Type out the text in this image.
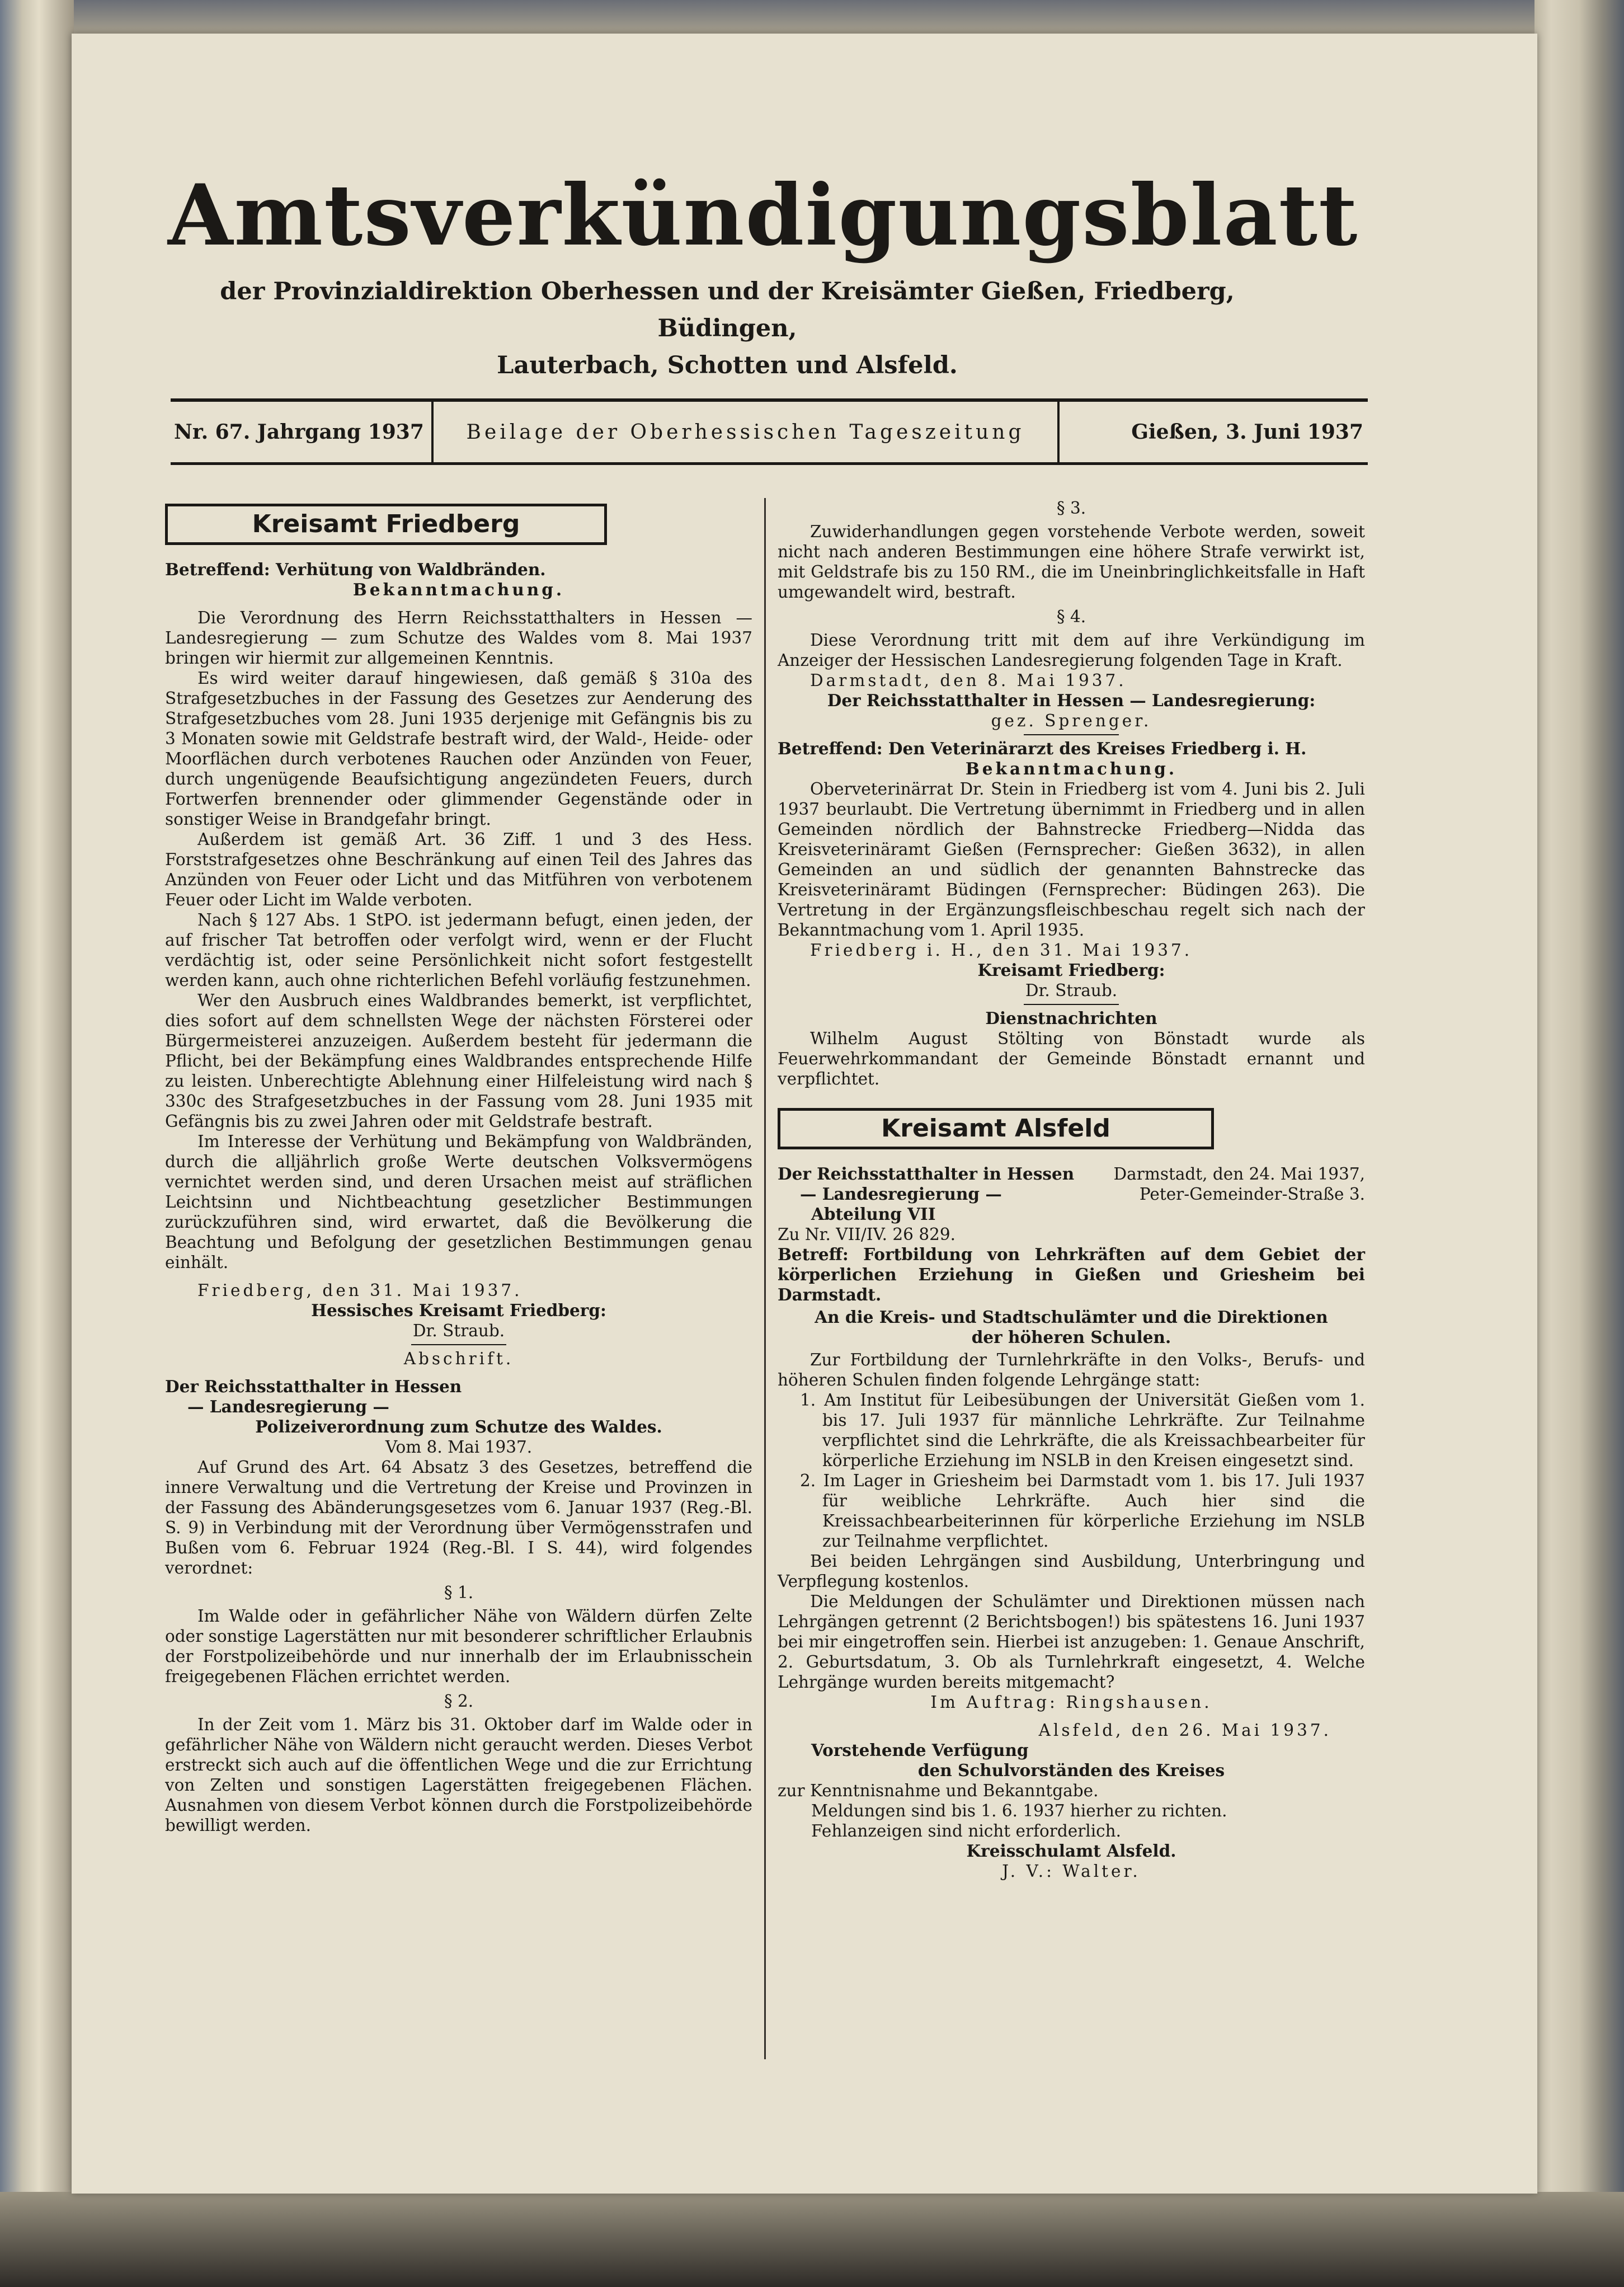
Amtsverkündigungsblatt
der Provinzialdirektion Oberhessen und der Kreisämter Gießen, Friedberg, Büdingen,
Lauterbach, Schotten und Alsfeld.
Nr. 67. Jahrgang 1937	Beilage der Oberhessischen Tageszeitung	Gießen, 3. Juni 1937
Kreisamt Friedberg

Betreffend: Verhütung von Waldbränden.

Bekanntmachung.

Die Verordnung des Herrn Reichsstatthalters in Hessen — Landesregierung — zum Schutze des Waldes vom 8. Mai 1937 bringen wir hiermit zur allgemeinen Kenntnis.

Es wird weiter darauf hingewiesen, daß gemäß § 310a des Strafgesetzbuches in der Fassung des Gesetzes zur Aenderung des Strafgesetzbuches vom 28. Juni 1935 derjenige mit Gefängnis bis zu 3 Monaten sowie mit Geldstrafe bestraft wird, der Wald-, Heide- oder Moorflächen durch verbotenes Rauchen oder Anzünden von Feuer, durch ungenügende Beaufsichtigung angezündeten Feuers, durch Fortwerfen brennender oder glimmender Gegenstände oder in sonstiger Weise in Brandgefahr bringt.

Außerdem ist gemäß Art. 36 Ziff. 1 und 3 des Hess. Forststrafgesetzes ohne Beschränkung auf einen Teil des Jahres das Anzünden von Feuer oder Licht und das Mitführen von verbotenem Feuer oder Licht im Walde verboten.

Nach § 127 Abs. 1 StPO. ist jedermann befugt, einen jeden, der auf frischer Tat betroffen oder verfolgt wird, wenn er der Flucht verdächtig ist, oder seine Persönlichkeit nicht sofort festgestellt werden kann, auch ohne richterlichen Befehl vorläufig festzunehmen.

Wer den Ausbruch eines Waldbrandes bemerkt, ist verpflichtet, dies sofort auf dem schnellsten Wege der nächsten Försterei oder Bürgermeisterei anzuzeigen. Außerdem besteht für jedermann die Pflicht, bei der Bekämpfung eines Waldbrandes entsprechende Hilfe zu leisten. Unberechtigte Ablehnung einer Hilfeleistung wird nach § 330c des Strafgesetzbuches in der Fassung vom 28. Juni 1935 mit Gefängnis bis zu zwei Jahren oder mit Geldstrafe bestraft.

Im Interesse der Verhütung und Bekämpfung von Waldbränden, durch die alljährlich große Werte deutschen Volksvermögens vernichtet werden sind, und deren Ursachen meist auf sträflichen Leichtsinn und Nichtbeachtung gesetzlicher Bestimmungen zurückzuführen sind, wird erwartet, daß die Bevölkerung die Beachtung und Befolgung der gesetzlichen Bestimmungen genau einhält.

Friedberg, den 31. Mai 1937.

Hessisches Kreisamt Friedberg:

Dr. Straub.

Abschrift.

Der Reichsstatthalter in Hessen

— Landesregierung —

Polizeiverordnung zum Schutze des Waldes.

Vom 8. Mai 1937.

Auf Grund des Art. 64 Absatz 3 des Gesetzes, betreffend die innere Verwaltung und die Vertretung der Kreise und Provinzen in der Fassung des Abänderungsgesetzes vom 6. Januar 1937 (Reg.-Bl. S. 9) in Verbindung mit der Verordnung über Vermögensstrafen und Bußen vom 6. Februar 1924 (Reg.-Bl. I S. 44), wird folgendes verordnet:

§ 1.

Im Walde oder in gefährlicher Nähe von Wäldern dürfen Zelte oder sonstige Lagerstätten nur mit besonderer schriftlicher Erlaubnis der Forstpolizeibehörde und nur innerhalb der im Erlaubnisschein freigegebenen Flächen errichtet werden.

§ 2.

In der Zeit vom 1. März bis 31. Oktober darf im Walde oder in gefährlicher Nähe von Wäldern nicht geraucht werden. Dieses Verbot erstreckt sich auch auf die öffentlichen Wege und die zur Errichtung von Zelten und sonstigen Lagerstätten freigegebenen Flächen. Ausnahmen von diesem Verbot können durch die Forstpolizeibehörde bewilligt werden.

§ 3.

Zuwiderhandlungen gegen vorstehende Verbote werden, soweit nicht nach anderen Bestimmungen eine höhere Strafe verwirkt ist, mit Geldstrafe bis zu 150 RM., die im Uneinbringlichkeitsfalle in Haft umgewandelt wird, bestraft.

§ 4.

Diese Verordnung tritt mit dem auf ihre Verkündigung im Anzeiger der Hessischen Landesregierung folgenden Tage in Kraft.

Darmstadt, den 8. Mai 1937.

Der Reichsstatthalter in Hessen — Landesregierung:

gez. Sprenger.

Betreffend: Den Veterinärarzt des Kreises Friedberg i. H.

Bekanntmachung.

Oberveterinärrat Dr. Stein in Friedberg ist vom 4. Juni bis 2. Juli 1937 beurlaubt. Die Vertretung übernimmt in Friedberg und in allen Gemeinden nördlich der Bahnstrecke Friedberg—Nidda das Kreisveterinäramt Gießen (Fernsprecher: Gießen 3632), in allen Gemeinden an und südlich der genannten Bahnstrecke das Kreisveterinäramt Büdingen (Fernsprecher: Büdingen 263). Die Vertretung in der Ergänzungsfleischbeschau regelt sich nach der Bekanntmachung vom 1. April 1935.

Friedberg i. H., den 31. Mai 1937.

Kreisamt Friedberg:

Dr. Straub.

Dienstnachrichten

Wilhelm August Stölting von Bönstadt wurde als Feuerwehrkommandant der Gemeinde Bönstadt ernannt und verpflichtet.

Kreisamt Alsfeld

Der Reichsstatthalter in Hessen

— Landesregierung —

Abteilung VII

Darmstadt, den 24. Mai 1937,

Peter-Gemeinder-Straße 3.

Zu Nr. VII/IV. 26 829.

Betreff: Fortbildung von Lehrkräften auf dem Gebiet der körperlichen Erziehung in Gießen und Griesheim bei Darmstadt.

An die Kreis- und Stadtschulämter und die Direktionen der höheren Schulen.

Zur Fortbildung der Turnlehrkräfte in den Volks-, Berufs- und höheren Schulen finden folgende Lehrgänge statt:

1. Am Institut für Leibesübungen der Universität Gießen vom 1. bis 17. Juli 1937 für männliche Lehrkräfte. Zur Teilnahme verpflichtet sind die Lehrkräfte, die als Kreissachbearbeiter für körperliche Erziehung im NSLB in den Kreisen eingesetzt sind.

2. Im Lager in Griesheim bei Darmstadt vom 1. bis 17. Juli 1937 für weibliche Lehrkräfte. Auch hier sind die Kreissachbearbeiterinnen für körperliche Erziehung im NSLB zur Teilnahme verpflichtet.

Bei beiden Lehrgängen sind Ausbildung, Unterbringung und Verpflegung kostenlos.

Die Meldungen der Schulämter und Direktionen müssen nach Lehrgängen getrennt (2 Berichtsbogen!) bis spätestens 16. Juni 1937 bei mir eingetroffen sein. Hierbei ist anzugeben: 1. Genaue Anschrift, 2. Geburtsdatum, 3. Ob als Turnlehrkraft eingesetzt, 4. Welche Lehrgänge wurden bereits mitgemacht?

Im Auftrag: Ringshausen.

Alsfeld, den 26. Mai 1937.

Vorstehende Verfügung

den Schulvorständen des Kreises

zur Kenntnisnahme und Bekanntgabe.

Meldungen sind bis 1. 6. 1937 hierher zu richten.

Fehlanzeigen sind nicht erforderlich.

Kreisschulamt Alsfeld.

J. V.: Walter.
